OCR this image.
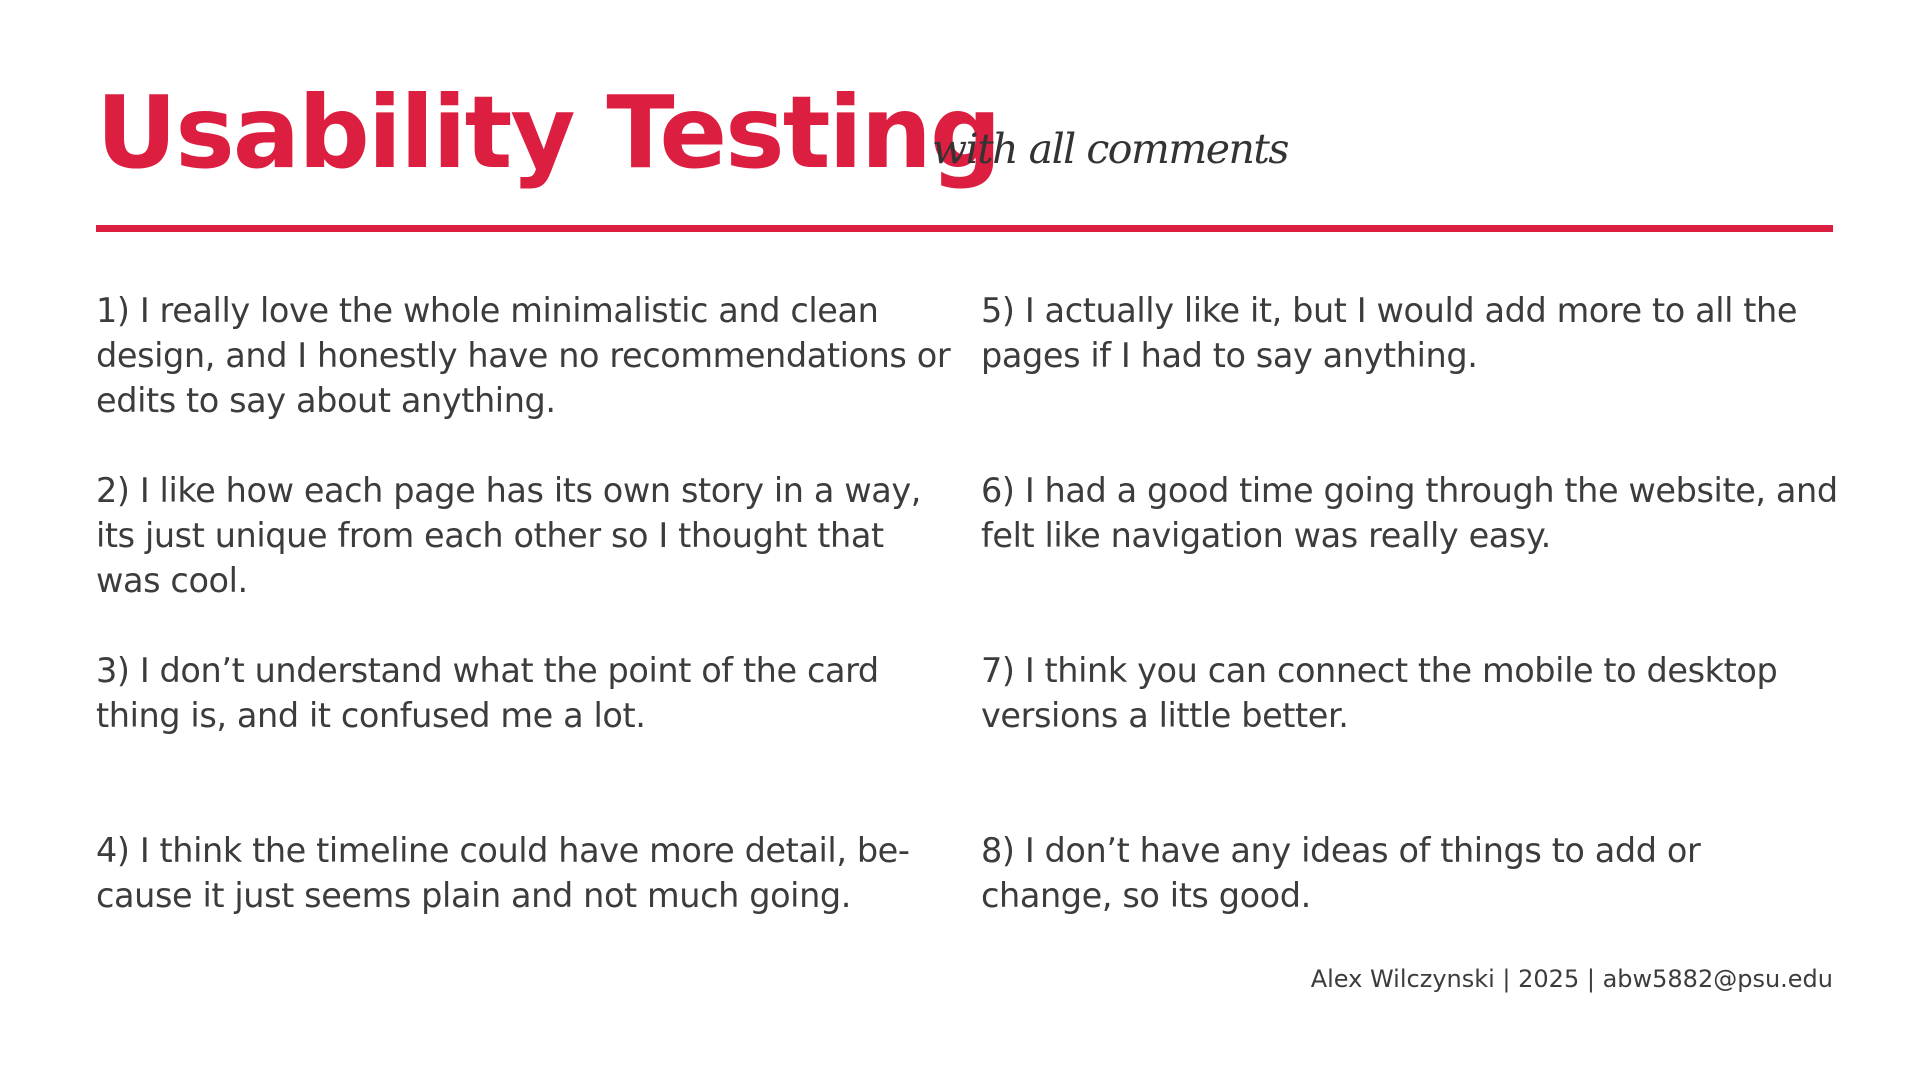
Usability Testing
with all comments

1) I really love the whole minimalistic and clean design, and I honestly have no recommendations or edits to say about anything.

2) I like how each page has its own story in a way, its just unique from each other so I thought that was cool.

3) I don’t understand what the point of the card thing is, and it confused me a lot.

4) I think the timeline could have more detail, be-cause it just seems plain and not much going.

5) I actually like it, but I would add more to all the pages if I had to say anything.

6) I had a good time going through the website, and felt like navigation was really easy.

7) I think you can connect the mobile to desktop versions a little better.

8) I don’t have any ideas of things to add or change, so its good.

Alex Wilczynski | 2025 | abw5882@psu.edu
